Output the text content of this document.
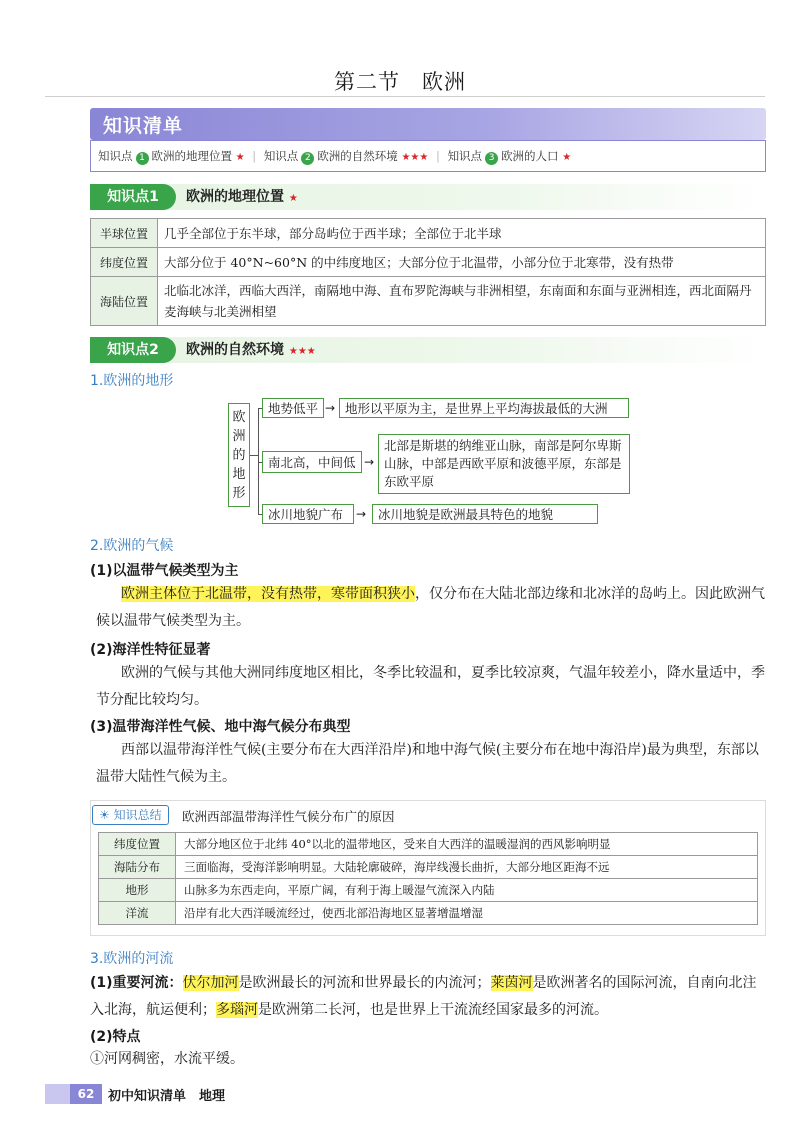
第二节　欧洲
知识清单
知识点 1 欧洲的地理位置 ★ | 知识点 2 欧洲的自然环境 ★★★ | 知识点 3 欧洲的人口 ★
知识点1	欧洲的地理位置 ★
半球位置	几乎全部位于东半球，部分岛屿位于西半球；全部位于北半球
纬度位置	大部分位于 40°N~60°N 的中纬度地区；大部分位于北温带，小部分位于北寒带，没有热带
海陆位置	北临北冰洋，西临大西洋，南隔地中海、直布罗陀海峡与非洲相望，东南面和东面与亚洲相连，西北面隔丹麦海峡与北美洲相望
知识点2	欧洲的自然环境 ★★★
1.欧洲的地形
欧
洲
的
地
形
地势低平 → 地形以平原为主，是世界上平均海拔最低的大洲
南北高，中间低 →
北部是斯堪的纳维亚山脉，南部是阿尔卑斯山脉，中部是西欧平原和波德平原，东部是东欧平原
冰川地貌广布	→ 冰川地貌是欧洲最具特色的地貌
2.欧洲的气候
(1)以温带气候类型为主
欧洲主体位于北温带，没有热带，寒带面积狭小，仅分布在大陆北部边缘和北冰洋的岛屿上。因此欧洲气候以温带气候类型为主。
(2)海洋性特征显著
欧洲的气候与其他大洲同纬度地区相比，冬季比较温和，夏季比较凉爽，气温年较差小，降水量适中，季节分配比较均匀。
(3)温带海洋性气候、地中海气候分布典型
西部以温带海洋性气候(主要分布在大西洋沿岸)和地中海气候(主要分布在地中海沿岸)最为典型，东部以温带大陆性气候为主。
☀ 知识总结	欧洲西部温带海洋性气候分布广的原因
纬度位置	大部分地区位于北纬 40°以北的温带地区，受来自大西洋的温暖湿润的西风影响明显
海陆分布	三面临海，受海洋影响明显。大陆轮廓破碎，海岸线漫长曲折，大部分地区距海不远
地形	山脉多为东西走向，平原广阔，有利于海上暖湿气流深入内陆
洋流	沿岸有北大西洋暖流经过，使西北部沿海地区显著增温增湿
3.欧洲的河流
(1)重要河流：伏尔加河是欧洲最长的河流和世界最长的内流河；莱茵河是欧洲著名的国际河流，自南向北注入北海，航运便利；多瑙河是欧洲第二长河，也是世界上干流流经国家最多的河流。
(2)特点
①河网稠密，水流平缓。
62	初中知识清单　地理
